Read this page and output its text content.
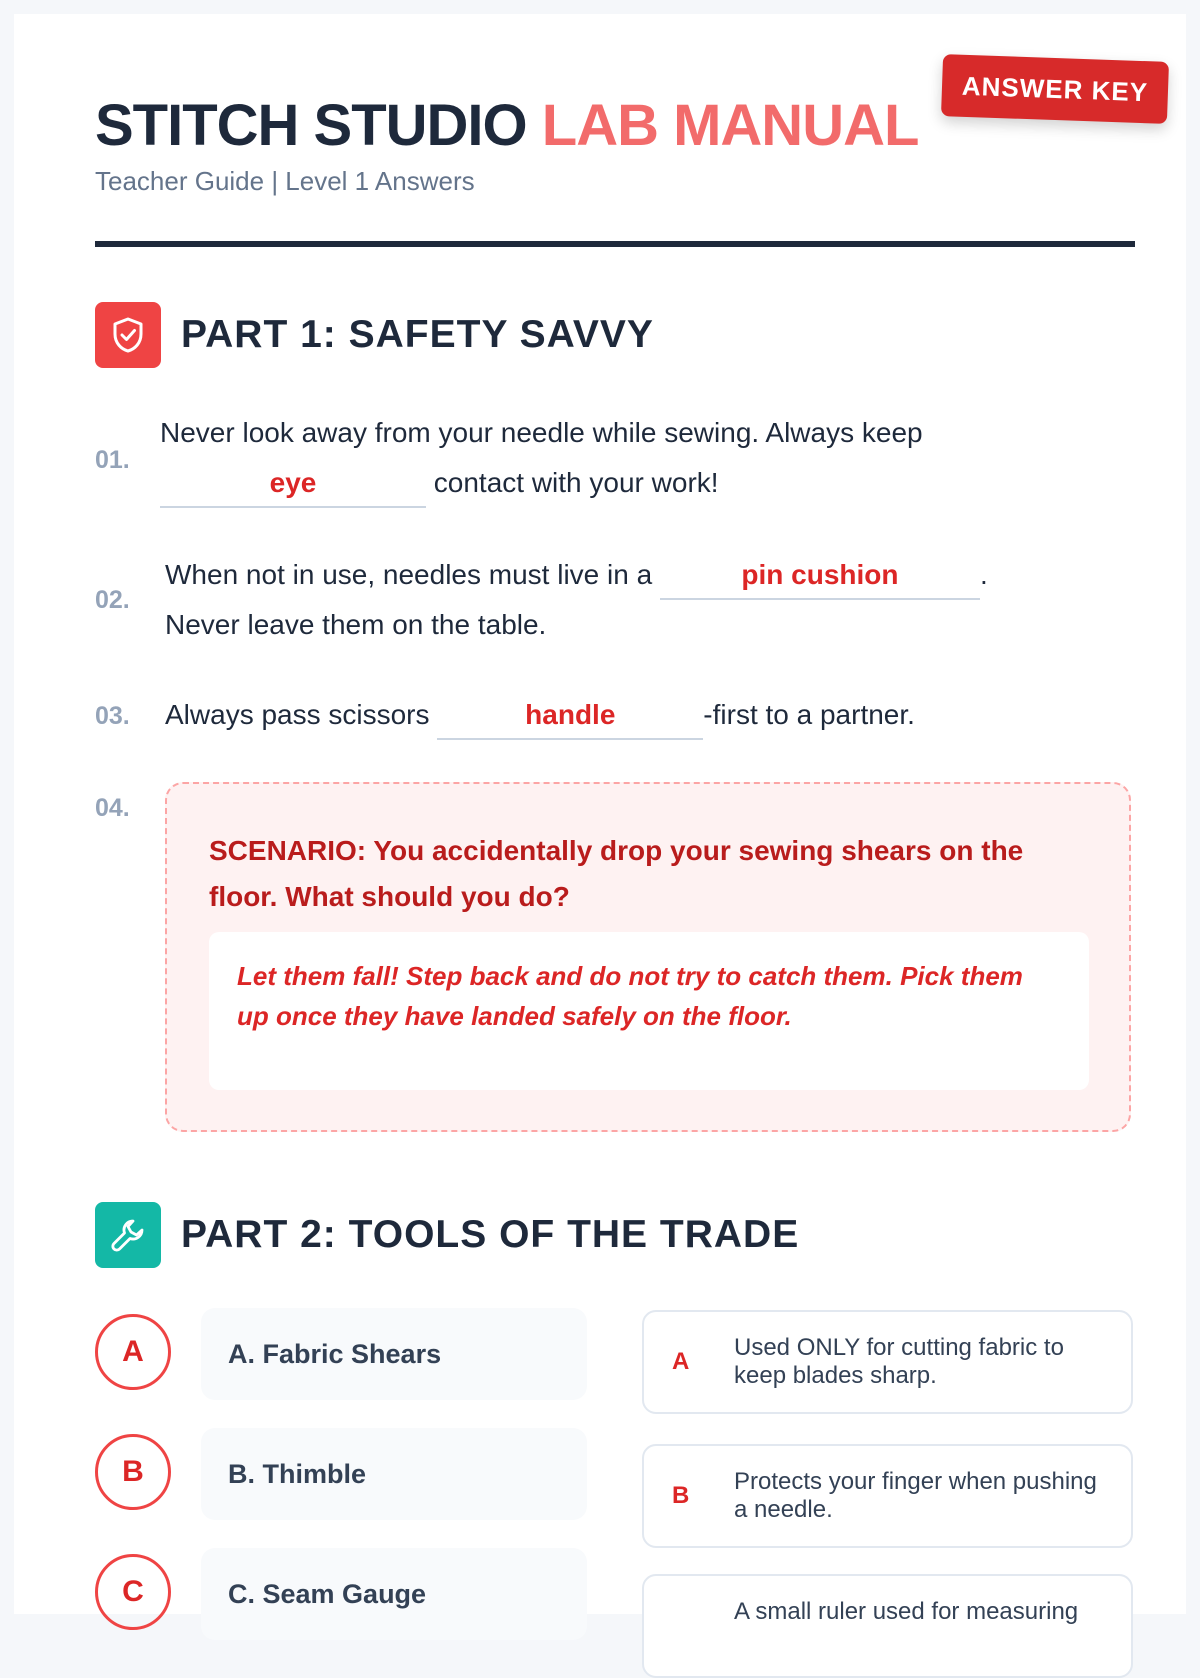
ANSWER KEY
STITCH STUDIO LAB MANUAL
Teacher Guide | Level 1 Answers
PART 1: SAFETY SAVVY
01.
Never look away from your needle while sewing. Always keep
eye	contact with your work!
02.
When not in use, needles must live in a	pin cushion	.
Never leave them on the table.
03. Always pass scissors	handle	-first to a partner.
04.
SCENARIO: You accidentally drop your sewing shears on the floor. What should you do?
Let them fall! Step back and do not try to catch them. Pick them up once they have landed safely on the floor.
PART 2: TOOLS OF THE TRADE
A	A. Fabric Shears
B	B. Thimble
C	C. Seam Gauge
A
Used ONLY for cutting fabric to keep blades sharp.
B
Protects your finger when pushing a needle.
A small ruler used for measuring
